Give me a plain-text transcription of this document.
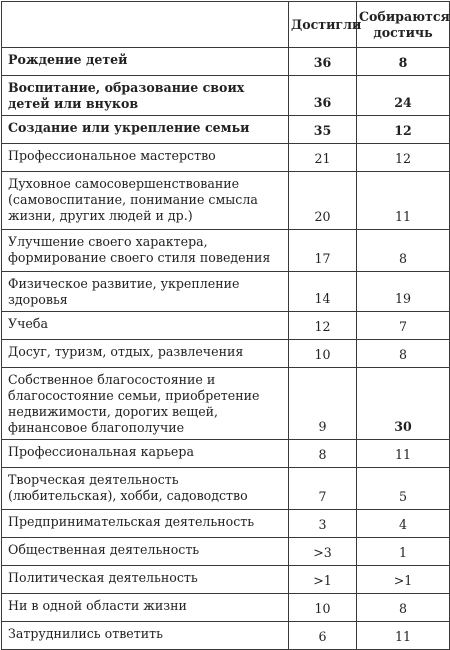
	Достигли	Собираются достичь
Рождение детей	36	8
Воспитание, образование своих детей или внуков	36	24
Создание или укрепление семьи	35	12
Профессиональное мастерство	21	12
Духовное самосовершенствование (самовоспитание, понимание смысла жизни, других людей и др.)	20	11
Улучшение своего характера, формирование своего стиля поведения	17	8
Физическое развитие, укрепление здоровья	14	19
Учеба	12	7
Досуг, туризм, отдых, развлечения	10	8
Собственное благосостояние и благосостояние семьи, приобретение недвижимости, дорогих вещей, финансовое благополучие	9	30
Профессиональная карьера	8	11
Творческая деятельность (любительская), хобби, садоводство	7	5
Предпринимательская деятельность	3	4
Общественная деятельность	>3	1
Политическая деятельность	>1	>1
Ни в одной области жизни	10	8
Затруднились ответить	6	11
